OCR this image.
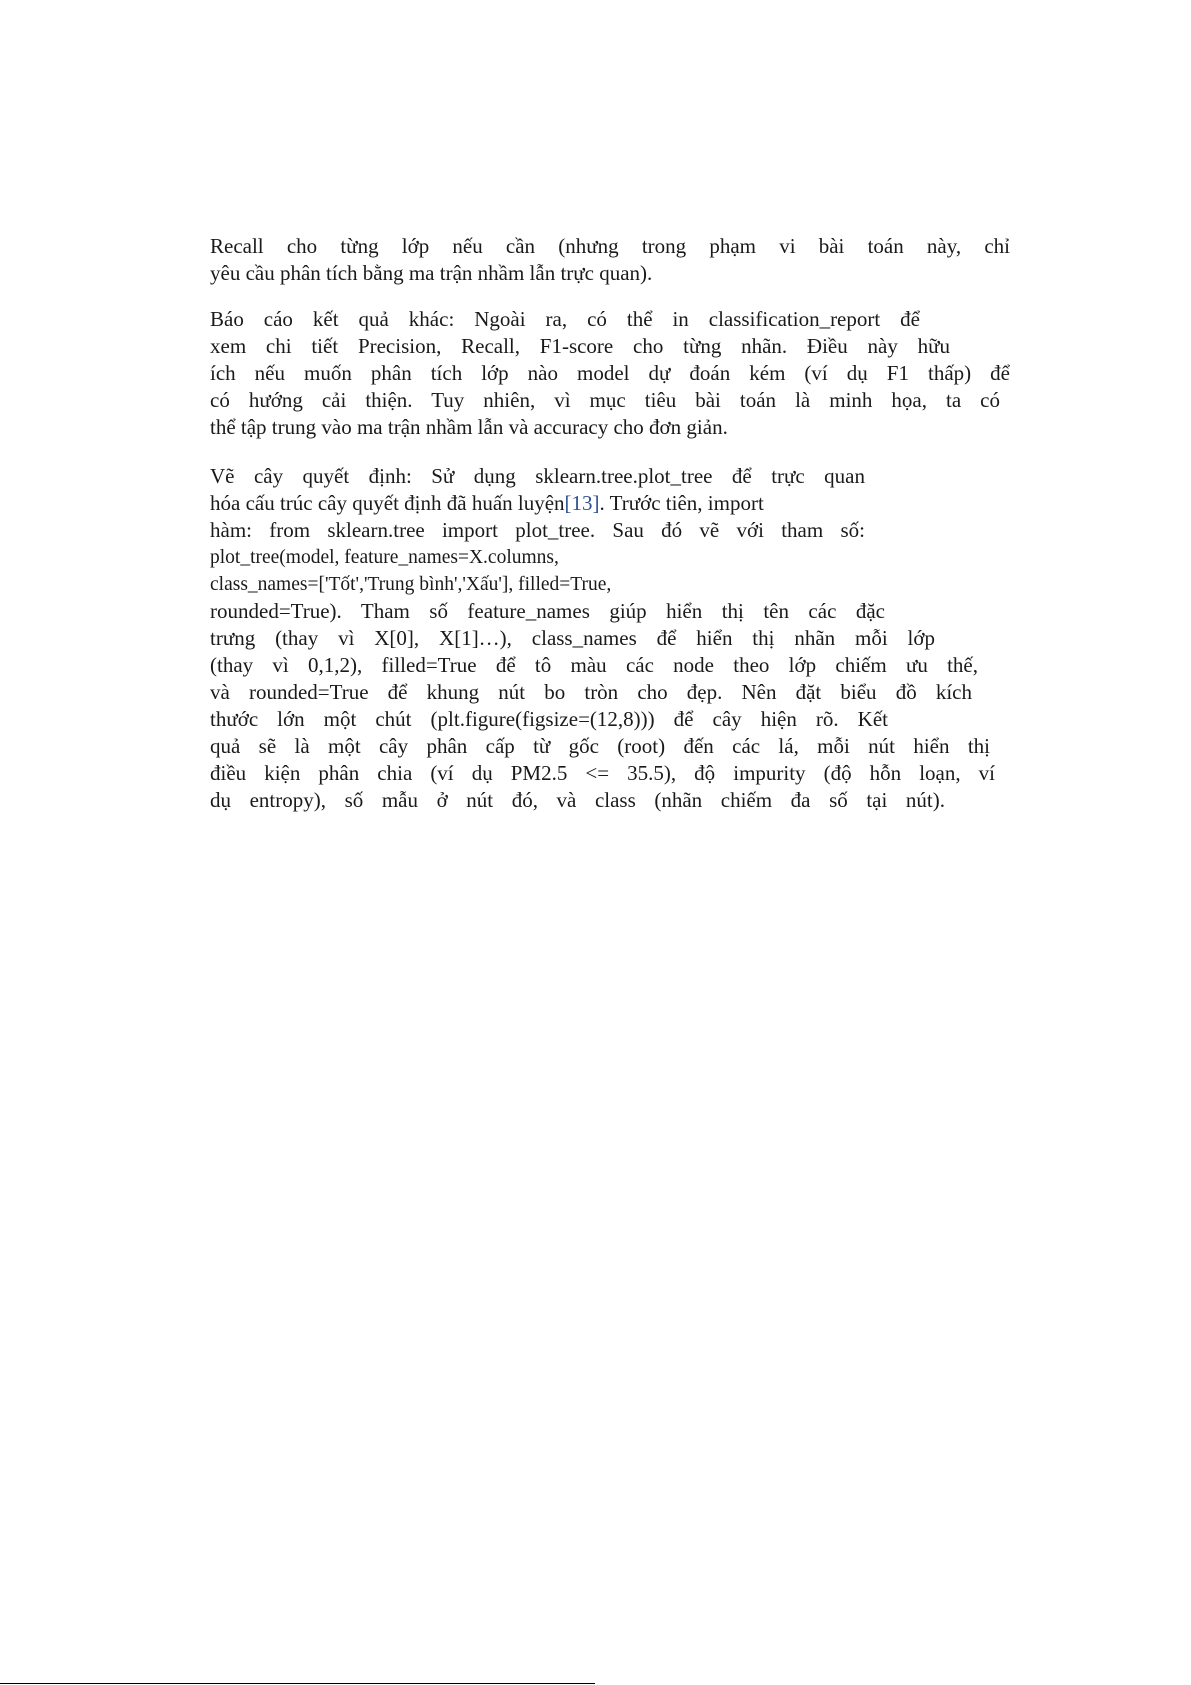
Recall cho từng lớp nếu cần (nhưng trong phạm vi bài toán này, chỉ
yêu cầu phân tích bằng ma trận nhầm lẫn trực quan).
Báo cáo kết quả khác: Ngoài ra, có thể in classification_report để
xem chi tiết Precision, Recall, F1-score cho từng nhãn. Điều này hữu
ích nếu muốn phân tích lớp nào model dự đoán kém (ví dụ F1 thấp) để
có hướng cải thiện. Tuy nhiên, vì mục tiêu bài toán là minh họa, ta có
thể tập trung vào ma trận nhầm lẫn và accuracy cho đơn giản.
Vẽ cây quyết định: Sử dụng sklearn.tree.plot_tree để trực quan
hóa cấu trúc cây quyết định đã huấn luyện[13]. Trước tiên, import
hàm: from sklearn.tree import plot_tree. Sau đó vẽ với tham số:
plot_tree(model, feature_names=X.columns,
class_names=['Tốt','Trung bình','Xấu'], filled=True,
rounded=True). Tham số feature_names giúp hiển thị tên các đặc
trưng (thay vì X[0], X[1]…), class_names để hiển thị nhãn mỗi lớp
(thay vì 0,1,2), filled=True để tô màu các node theo lớp chiếm ưu thế,
và rounded=True để khung nút bo tròn cho đẹp. Nên đặt biểu đồ kích
thước lớn một chút (plt.figure(figsize=(12,8))) để cây hiện rõ. Kết
quả sẽ là một cây phân cấp từ gốc (root) đến các lá, mỗi nút hiển thị
điều kiện phân chia (ví dụ PM2.5 <= 35.5), độ impurity (độ hỗn loạn, ví
dụ entropy), số mẫu ở nút đó, và class (nhãn chiếm đa số tại nút).
